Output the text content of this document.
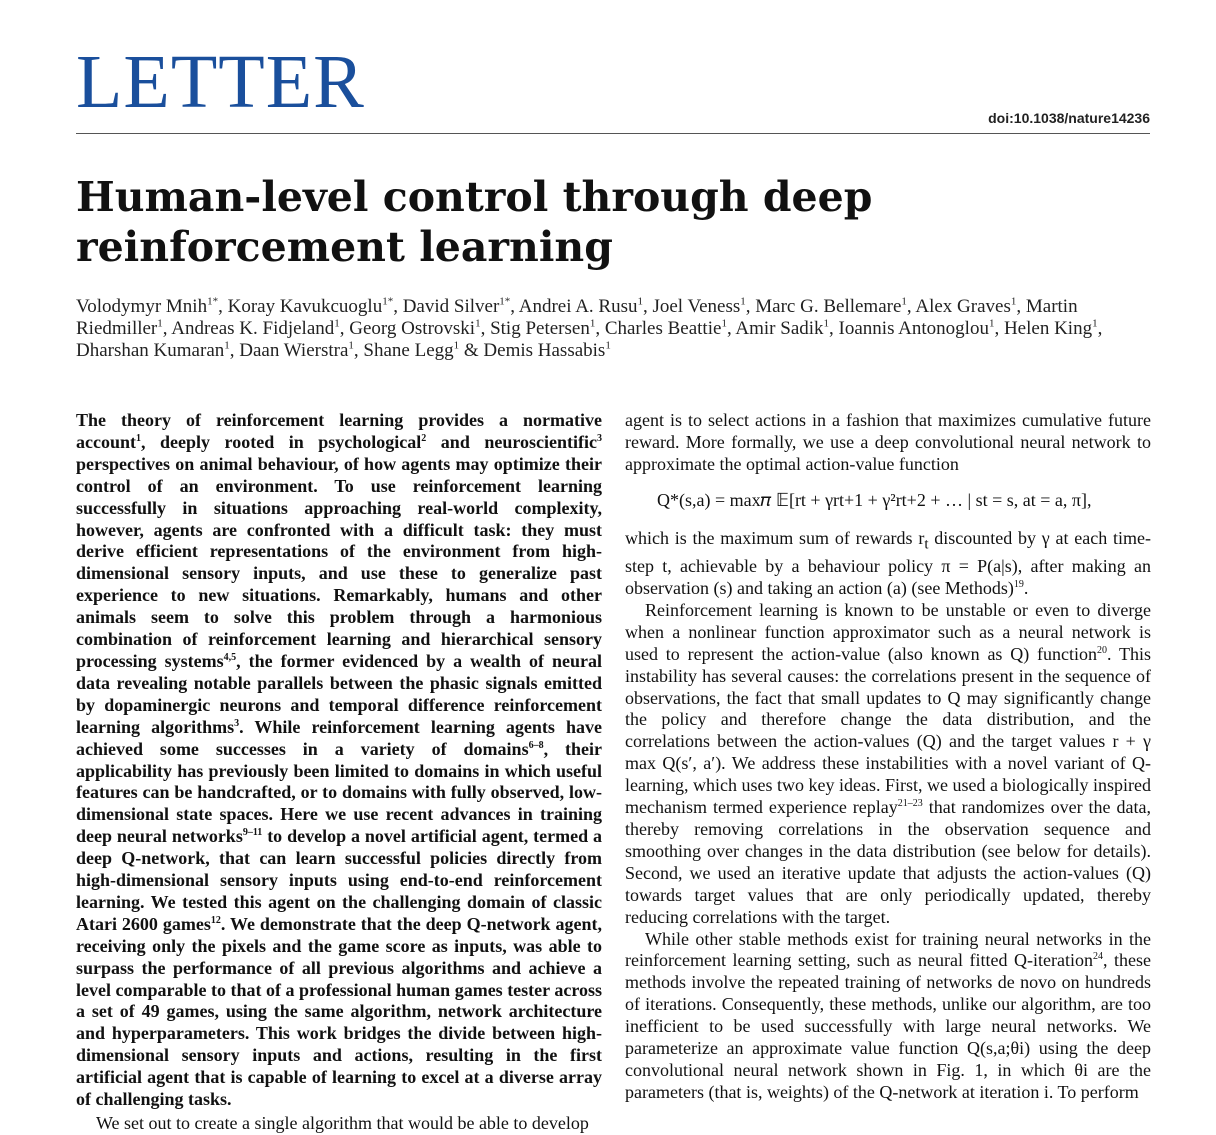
LETTER	doi:10.1038/nature14236
Human-level control through deep reinforcement learning
Volodymyr Mnih$^{1*}$, Koray Kavukcuoglu$^{1*}$, David Silver$^{1*}$, Andrei A. Rusu$^1$, Joel Veness$^1$, Marc G. Bellemare$^1$, Alex Graves$^1$, Martin Riedmiller$^1$, Andreas K. Fidjeland$^1$, Georg Ostrovski$^1$, Stig Petersen$^1$, Charles Beattie$^1$, Amir Sadik$^1$, Ioannis Antonoglou$^1$, Helen King$^1$, Dharshan Kumaran$^1$, Daan Wierstra$^1$, Shane Legg$^1$ & Demis Hassabis$^1$

The theory of reinforcement learning provides a normative account$^1$, deeply rooted in psychological$^2$ and neuroscientific$^3$ perspectives on animal behaviour, of how agents may optimize their control of an environment. To use reinforcement learning successfully in situations approaching real-world complexity, however, agents are confronted with a difficult task: they must derive efficient representations of the environment from high-dimensional sensory inputs, and use these to generalize past experience to new situations. Remarkably, humans and other animals seem to solve this problem through a harmonious combination of reinforcement learning and hierarchical sensory processing systems$^{4,5}$, the former evidenced by a wealth of neural data revealing notable parallels between the phasic signals emitted by dopaminergic neurons and temporal difference reinforcement learning algorithms$^3$. While reinforcement learning agents have achieved some successes in a variety of domains$^{6-8}$, their applicability has previously been limited to domains in which useful features can be handcrafted, or to domains with fully observed, low-dimensional state spaces. Here we use recent advances in training deep neural networks$^{9-11}$ to develop a novel artificial agent, termed a deep Q-network, that can learn successful policies directly from high-dimensional sensory inputs using end-to-end reinforcement learning. We tested this agent on the challenging domain of classic Atari 2600 games$^{12}$. We demonstrate that the deep Q-network agent, receiving only the pixels and the game score as inputs, was able to surpass the performance of all previous algorithms and achieve a level comparable to that of a professional human games tester across a set of 49 games, using the same algorithm, network architecture and hyperparameters. This work bridges the divide between high-dimensional sensory inputs and actions, resulting in the first artificial agent that is capable of learning to excel at a diverse array of challenging tasks.

We set out to create a single algorithm that would be able to develop

agent is to select actions in a fashion that maximizes cumulative future reward. More formally, we use a deep convolutional neural network to approximate the optimal action-value function

Q*(s,a) = max𝜋 𝔼[rt + γrt+1 + γ²rt+2 + … | st = s, at = a, π],

which is the maximum sum of rewards $r_t$ discounted by γ at each time-step t, achievable by a behaviour policy π = P(a|s), after making an observation (s) and taking an action (a) (see Methods)$^{19}$.

Reinforcement learning is known to be unstable or even to diverge when a nonlinear function approximator such as a neural network is used to represent the action-value (also known as Q) function$^{20}$. This instability has several causes: the correlations present in the sequence of observations, the fact that small updates to Q may significantly change the policy and therefore change the data distribution, and the correlations between the action-values (Q) and the target values r + γ max Q(s′, a′). We address these instabilities with a novel variant of Q-learning, which uses two key ideas. First, we used a biologically inspired mechanism termed experience replay$^{21-23}$ that randomizes over the data, thereby removing correlations in the observation sequence and smoothing over changes in the data distribution (see below for details). Second, we used an iterative update that adjusts the action-values (Q) towards target values that are only periodically updated, thereby reducing correlations with the target.

While other stable methods exist for training neural networks in the reinforcement learning setting, such as neural fitted Q-iteration$^{24}$, these methods involve the repeated training of networks de novo on hundreds of iterations. Consequently, these methods, unlike our algorithm, are too inefficient to be used successfully with large neural networks. We parameterize an approximate value function Q(s,a;θi) using the deep convolutional neural network shown in Fig. 1, in which θi are the parameters (that is, weights) of the Q-network at iteration i. To perform
